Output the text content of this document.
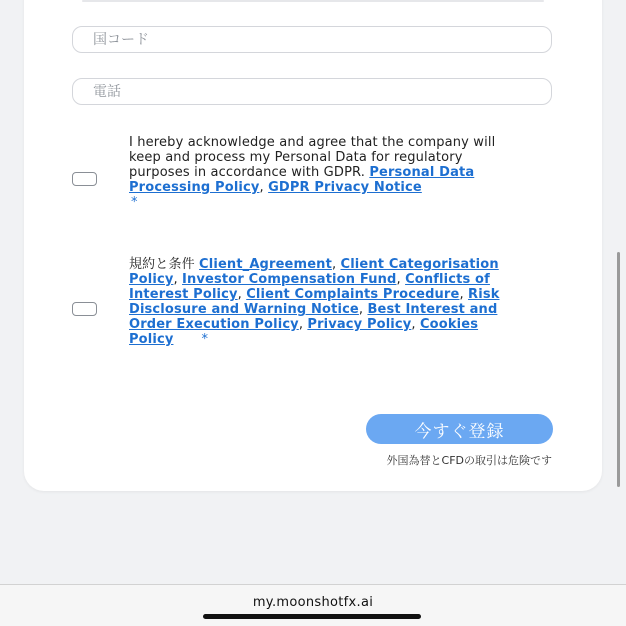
国コード
電話
I hereby acknowledge and agree that the company will keep and process my Personal Data for regulatory purposes in accordance with GDPR. Personal Data Processing Policy, GDPR Privacy Notice
*
規約と条件 Client_Agreement, Client Categorisation Policy, Investor Compensation Fund, Conflicts of Interest Policy, Client Complaints Procedure, Risk Disclosure and Warning Notice, Best Interest and Order Execution Policy, Privacy Policy, Cookies Policy *
今すぐ登録
外国為替とCFDの取引は危険です
my.moonshotfx.ai
